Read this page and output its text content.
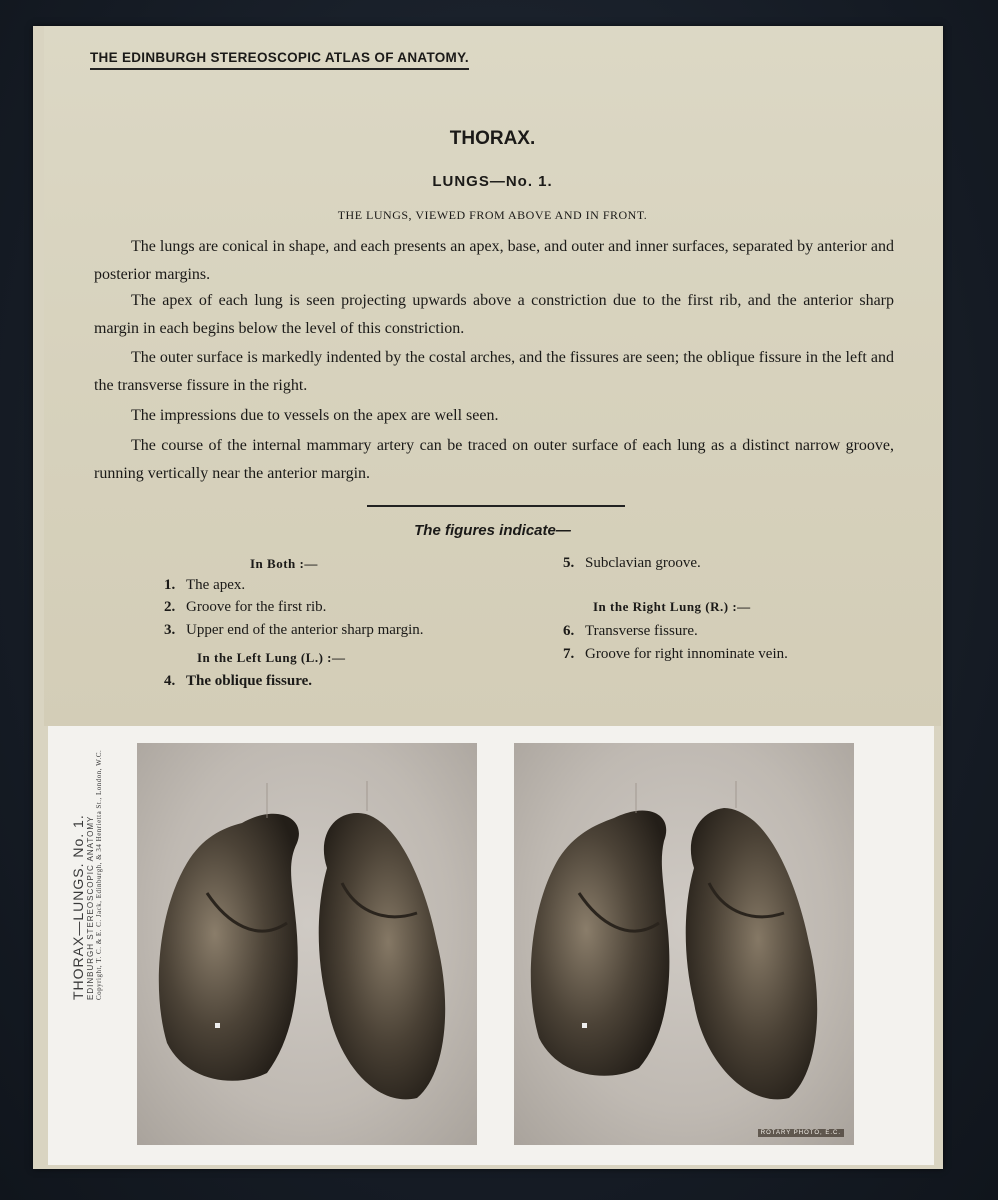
THE EDINBURGH STEREOSCOPIC ATLAS OF ANATOMY.
THORAX.
LUNGS—No. 1.
THE LUNGS, VIEWED FROM ABOVE AND IN FRONT.
The lungs are conical in shape, and each presents an apex, base, and outer and inner surfaces, separated by anterior and posterior margins.
The apex of each lung is seen projecting upwards above a constriction due to the first rib, and the anterior sharp margin in each begins below the level of this constriction.
The outer surface is markedly indented by the costal arches, and the fissures are seen; the oblique fissure in the left and the transverse fissure in the right.
The impressions due to vessels on the apex are well seen.
The course of the internal mammary artery can be traced on outer surface of each lung as a distinct narrow groove, running vertically near the anterior margin.
The figures indicate—
In Both :—
1. The apex.
2. Groove for the first rib.
3. Upper end of the anterior sharp margin.
In the Left Lung (L.) :—
4. The oblique fissure.
5. Subclavian groove.
In the Right Lung (R.) :—
6. Transverse fissure.
7. Groove for right innominate vein.
THORAX—LUNGS. No. 1. EDINBURGH STEREOSCOPIC ANATOMY Copyright, T. C. & E. C. Jack, Edinburgh, & 34 Henrietta St., London, W.C.
ROTARY PHOTO, E.C.
